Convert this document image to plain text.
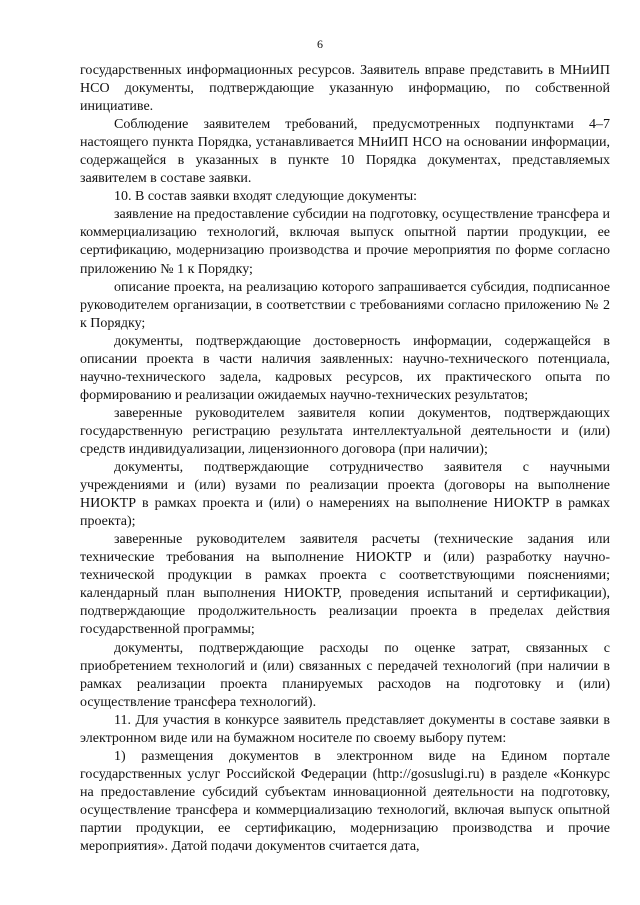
6

государственных информационных ресурсов. Заявитель вправе представить в МНиИП НСО документы, подтверждающие указанную информацию, по собственной инициативе.

Соблюдение заявителем требований, предусмотренных подпунктами 4–7 настоящего пункта Порядка, устанавливается МНиИП НСО на основании информации, содержащейся в указанных в пункте 10 Порядка документах, представляемых заявителем в составе заявки.

10. В состав заявки входят следующие документы:

заявление на предоставление субсидии на подготовку, осуществление трансфера и коммерциализацию технологий, включая выпуск опытной партии продукции, ее сертификацию, модернизацию производства и прочие мероприятия по форме согласно приложению № 1 к Порядку;

описание проекта, на реализацию которого запрашивается субсидия, подписанное руководителем организации, в соответствии с требованиями согласно приложению № 2 к Порядку;

документы, подтверждающие достоверность информации, содержащейся в описании проекта в части наличия заявленных: научно-технического потенциала, научно-технического задела, кадровых ресурсов, их практического опыта по формированию и реализации ожидаемых научно-технических результатов;

заверенные руководителем заявителя копии документов, подтверждающих государственную регистрацию результата интеллектуальной деятельности и (или) средств индивидуализации, лицензионного договора (при наличии);

документы, подтверждающие сотрудничество заявителя с научными учреждениями и (или) вузами по реализации проекта (договоры на выполнение НИОКТР в рамках проекта и (или) о намерениях на выполнение НИОКТР в рамках проекта);

заверенные руководителем заявителя расчеты (технические задания или технические требования на выполнение НИОКТР и (или) разработку научно-технической продукции в рамках проекта с соответствующими пояснениями; календарный план выполнения НИОКТР, проведения испытаний и сертификации), подтверждающие продолжительность реализации проекта в пределах действия государственной программы;

документы, подтверждающие расходы по оценке затрат, связанных с приобретением технологий и (или) связанных с передачей технологий (при наличии в рамках реализации проекта планируемых расходов на подготовку и (или) осуществление трансфера технологий).

11. Для участия в конкурсе заявитель представляет документы в составе заявки в электронном виде или на бумажном носителе по своему выбору путем:

1) размещения документов в электронном виде на Едином портале государственных услуг Российской Федерации (http://gosuslugi.ru) в разделе «Конкурс на предоставление субсидий субъектам инновационной деятельности на подготовку, осуществление трансфера и коммерциализацию технологий, включая выпуск опытной партии продукции, ее сертификацию, модернизацию производства и прочие мероприятия». Датой подачи документов считается дата,
